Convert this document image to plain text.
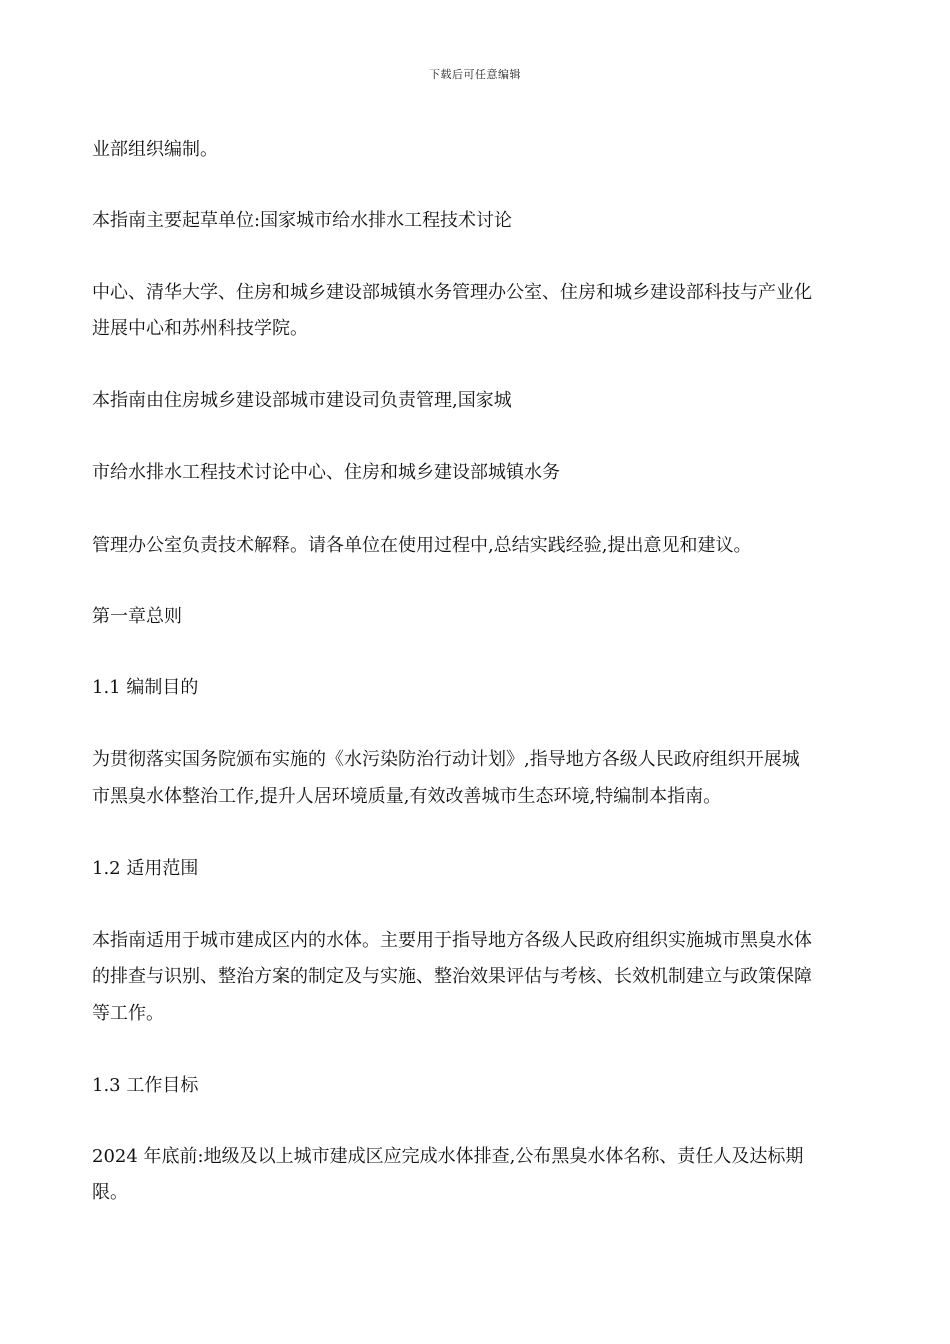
下载后可任意编辑

业部组织编制。

本指南主要起草单位:国家城市给水排水工程技术讨论

中心、清华大学、住房和城乡建设部城镇水务管理办公室、住房和城乡建设部科技与产业化

进展中心和苏州科技学院。

本指南由住房城乡建设部城市建设司负责管理,国家城

市给水排水工程技术讨论中心、住房和城乡建设部城镇水务

管理办公室负责技术解释。请各单位在使用过程中,总结实践经验,提出意见和建议。

第一章总则

1.1 编制目的

为贯彻落实国务院颁布实施的《水污染防治行动计划》,指导地方各级人民政府组织开展城

市黑臭水体整治工作,提升人居环境质量,有效改善城市生态环境,特编制本指南。

1.2 适用范围

本指南适用于城市建成区内的水体。主要用于指导地方各级人民政府组织实施城市黑臭水体

的排查与识别、整治方案的制定及与实施、整治效果评估与考核、长效机制建立与政策保障

等工作。

1.3 工作目标

2024 年底前:地级及以上城市建成区应完成水体排查,公布黑臭水体名称、责任人及达标期

限。
